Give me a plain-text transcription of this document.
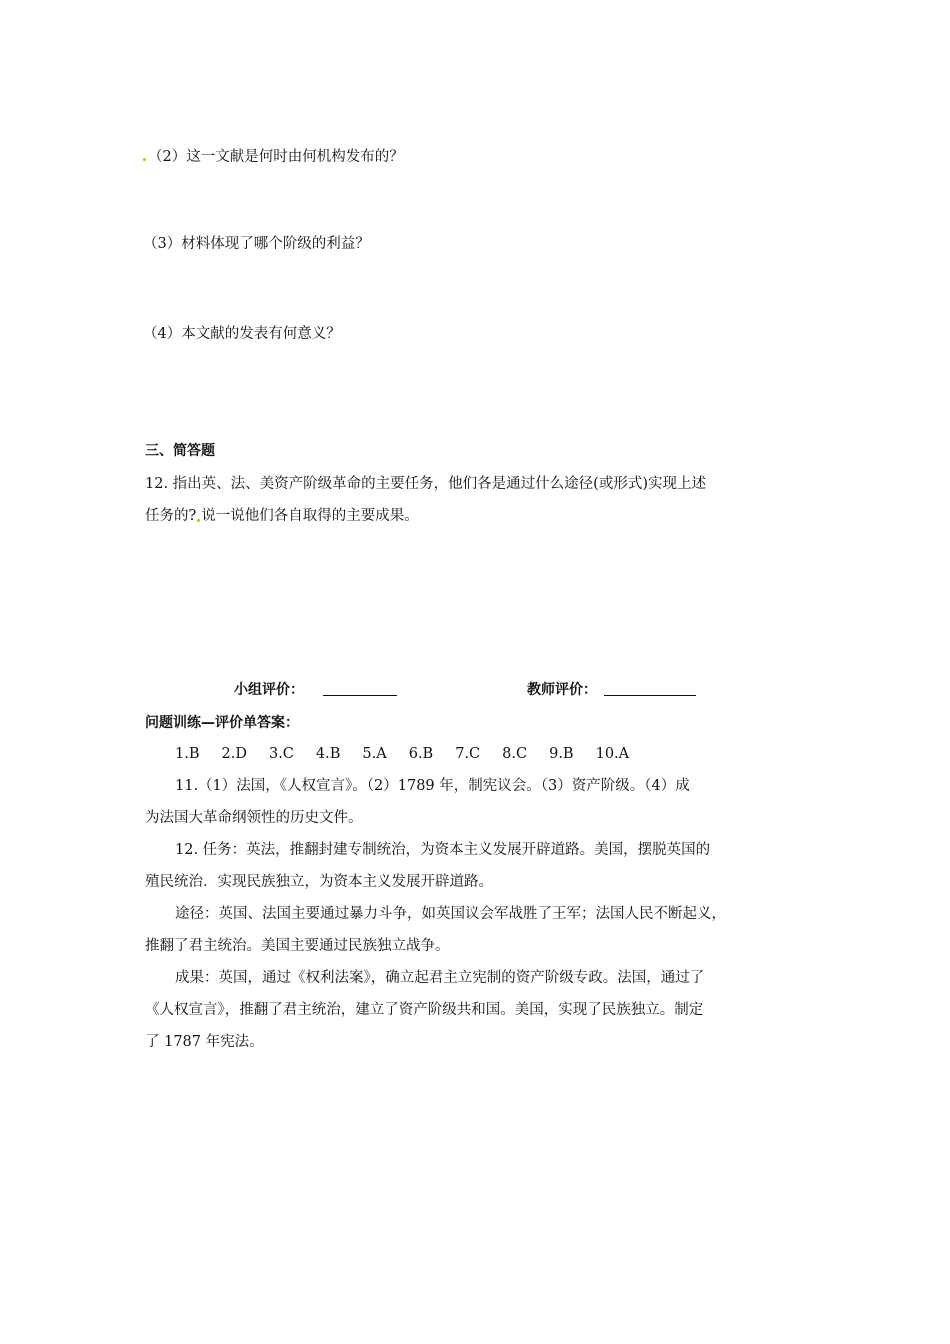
（2）这一文献是何时由何机构发布的？
（3）材料体现了哪个阶级的利益？
（4）本文献的发表有何意义？
三、简答题
12. 指出英、法、美资产阶级革命的主要任务，他们各是通过什么途径(或形式)实现上述
任务的? 说一说他们各自取得的主要成果。
小组评价：	教师评价：
问题训练—评价单答案：
1.B 2.D 3.C 4.B 5.A 6.B 7.C 8.C 9.B 10.A
11.（1）法国，《人权宣言》。（2）1789 年，制宪议会。（3）资产阶级。（4）成
为法国大革命纲领性的历史文件。
12. 任务：英法，推翻封建专制统治，为资本主义发展开辟道路。美国，摆脱英国的
殖民统治．实现民族独立，为资本主义发展开辟道路。
途径：英国、法国主要通过暴力斗争，如英国议会军战胜了王军；法国人民不断起义，
推翻了君主统治。美国主要通过民族独立战争。
成果：英国，通过《权利法案》，确立起君主立宪制的资产阶级专政。法国，通过了
《人权宣言》，推翻了君主统治，建立了资产阶级共和国。美国，实现了民族独立。制定
了 1787 年宪法。
